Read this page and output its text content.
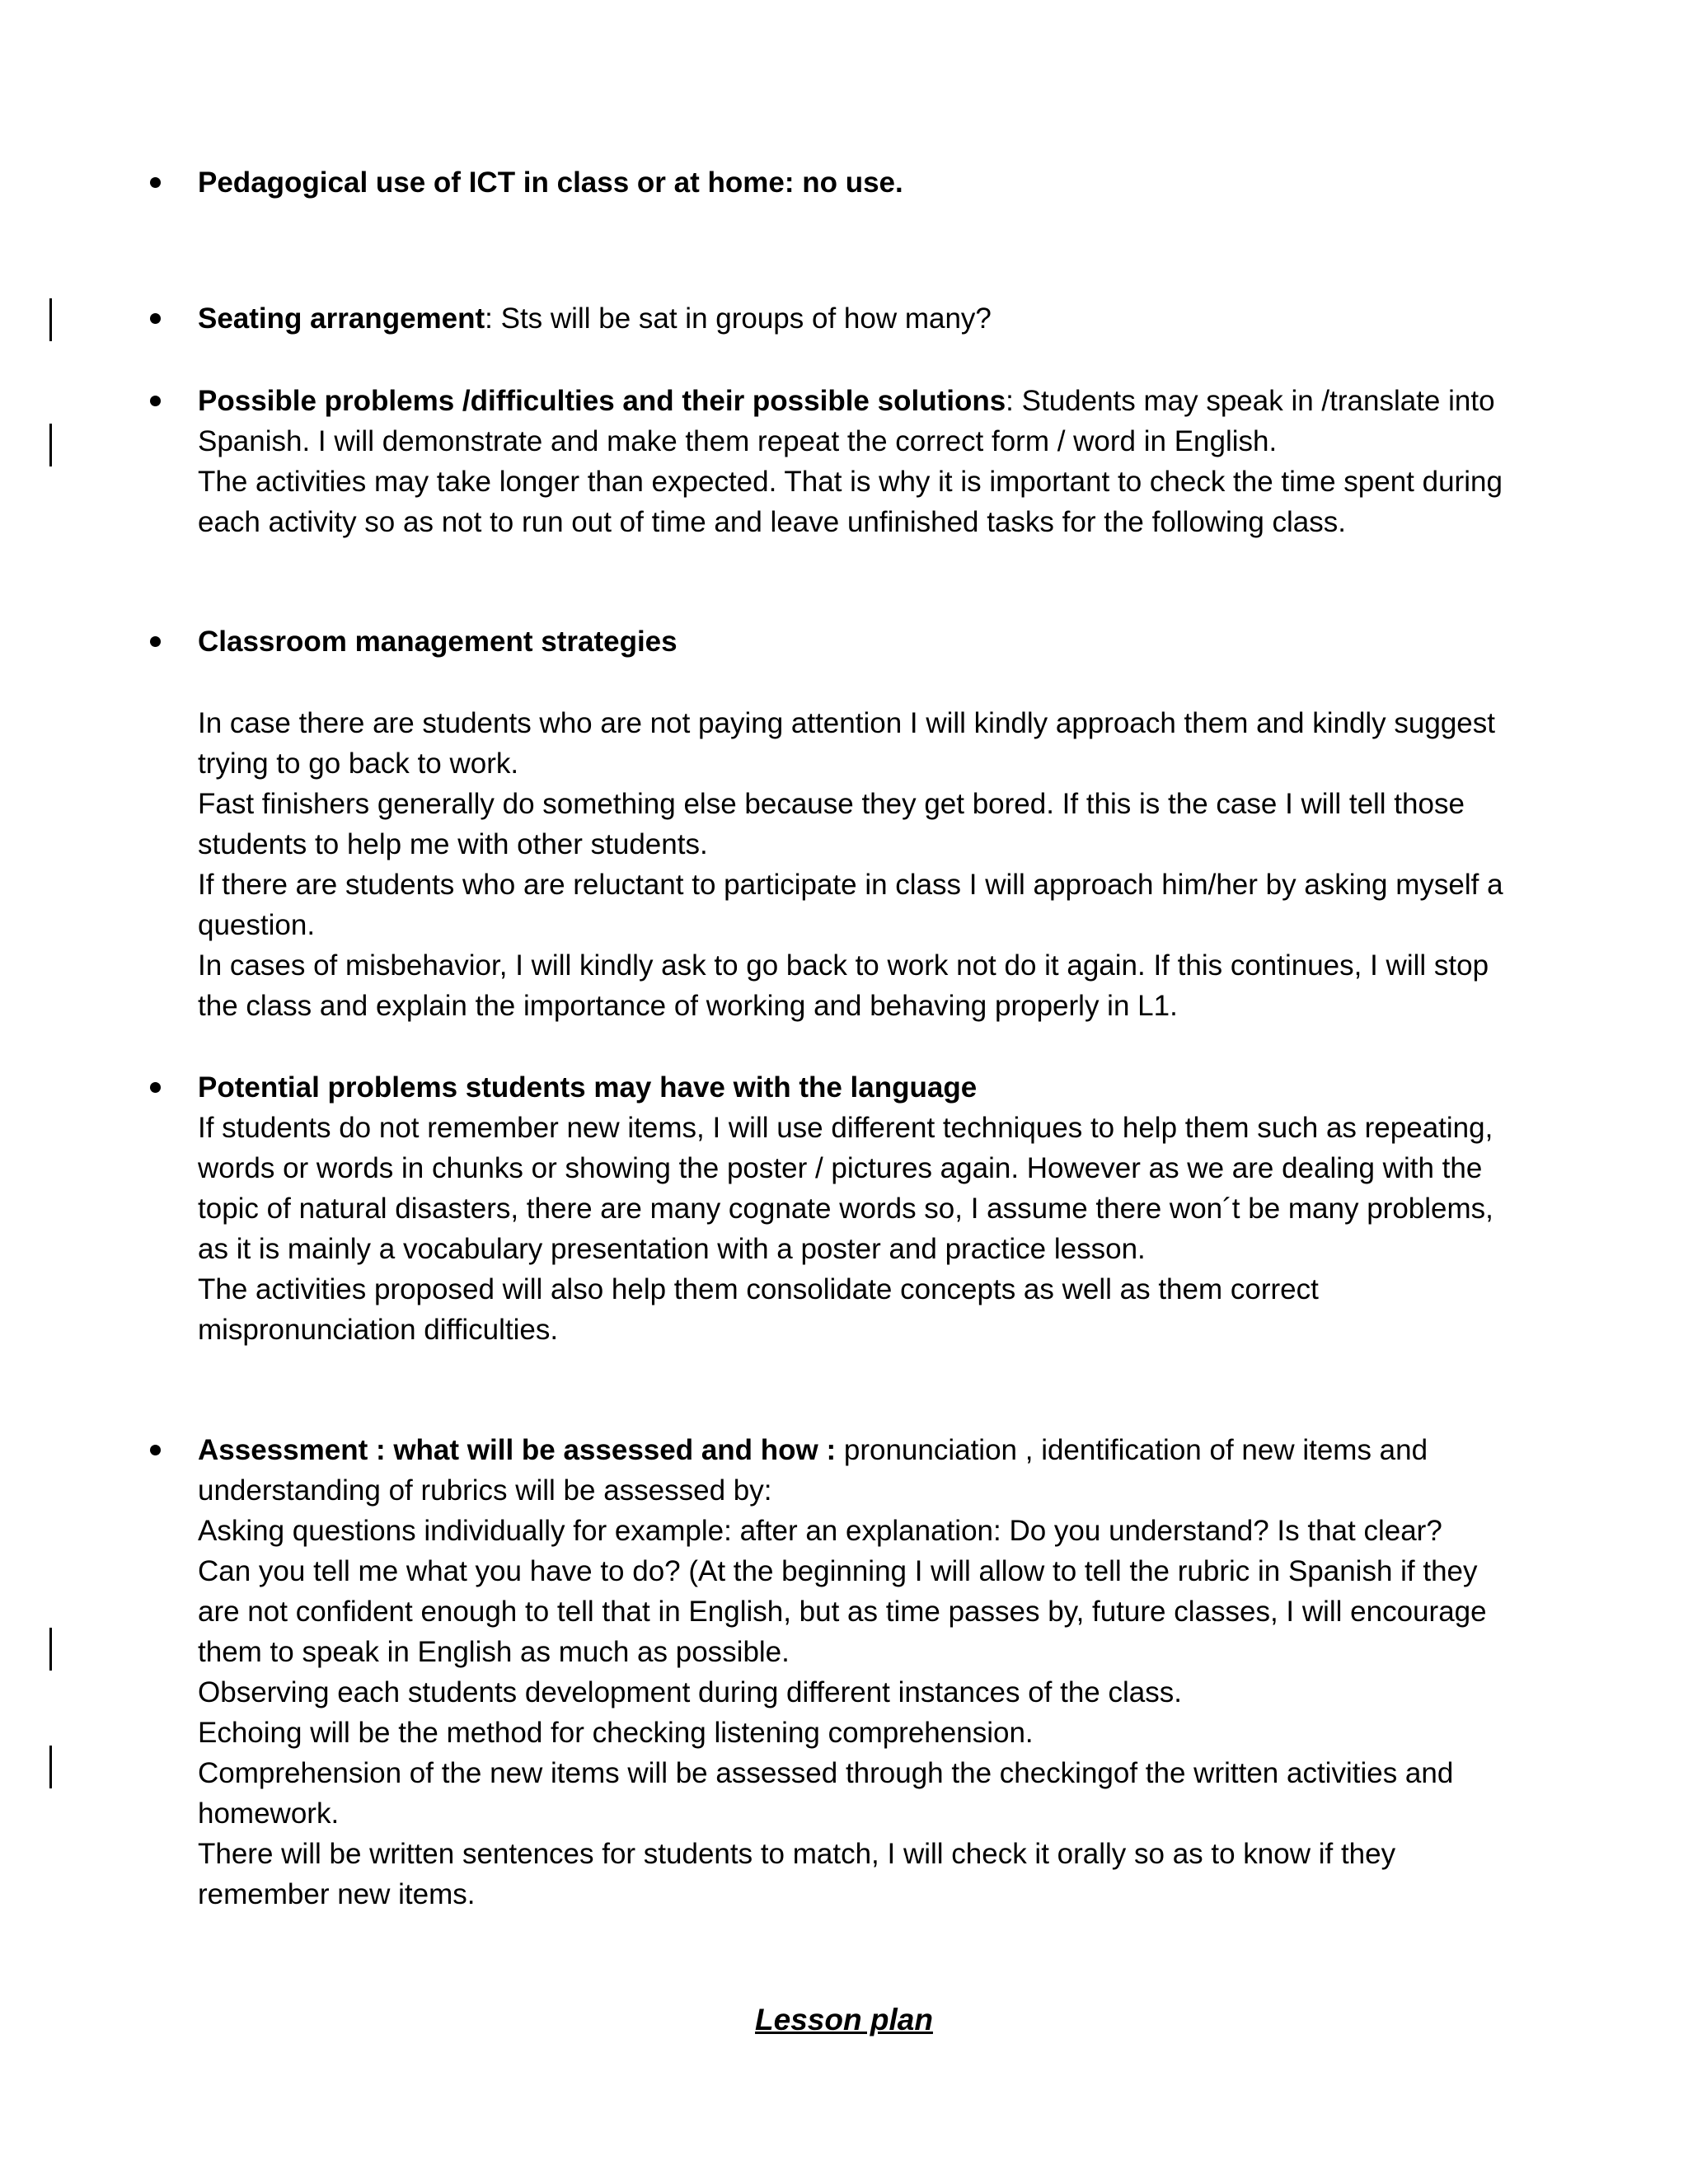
Pedagogical use of ICT in class or at home: no use.
Seating arrangement: Sts will be sat in groups of how many?
Possible problems /difficulties and their possible solutions: Students may speak in /translate into
Spanish. I will demonstrate and make them repeat the correct form / word in English.
The activities may take longer than expected. That is why it is important to check the time spent during
each activity so as not to run out of time and leave unfinished tasks for the following class.
Classroom management strategies
In case there are students who are not paying attention I will kindly approach them and kindly suggest
trying to go back to work.
Fast finishers generally do something else because they get bored. If this is the case I will tell those
students to help me with other students.
If there are students who are reluctant to participate in class I will approach him/her by asking myself a
question.
In cases of misbehavior, I will kindly ask to go back to work not do it again. If this continues, I will stop
the class and explain the importance of working and behaving properly in L1.
Potential problems students may have with the language
If students do not remember new items, I will use different techniques to help them such as repeating,
words or words in chunks or showing the poster / pictures again. However as we are dealing with the
topic of natural disasters, there are many cognate words so, I assume there won´t be many problems,
as it is mainly a vocabulary presentation with a poster and practice lesson.
The activities proposed will also help them consolidate concepts as well as them correct
mispronunciation difficulties.
Assessment : what will be assessed and how : pronunciation , identification of new items and
understanding of rubrics will be assessed by:
Asking questions individually for example: after an explanation: Do you understand? Is that clear?
Can you tell me what you have to do? (At the beginning I will allow to tell the rubric in Spanish if they
are not confident enough to tell that in English, but as time passes by, future classes, I will encourage
them to speak in English as much as possible.
Observing each students development during different instances of the class.
Echoing will be the method for checking listening comprehension.
Comprehension of the new items will be assessed through the checkingof the written activities and
homework.
There will be written sentences for students to match, I will check it orally so as to know if they
remember new items.
Lesson plan
